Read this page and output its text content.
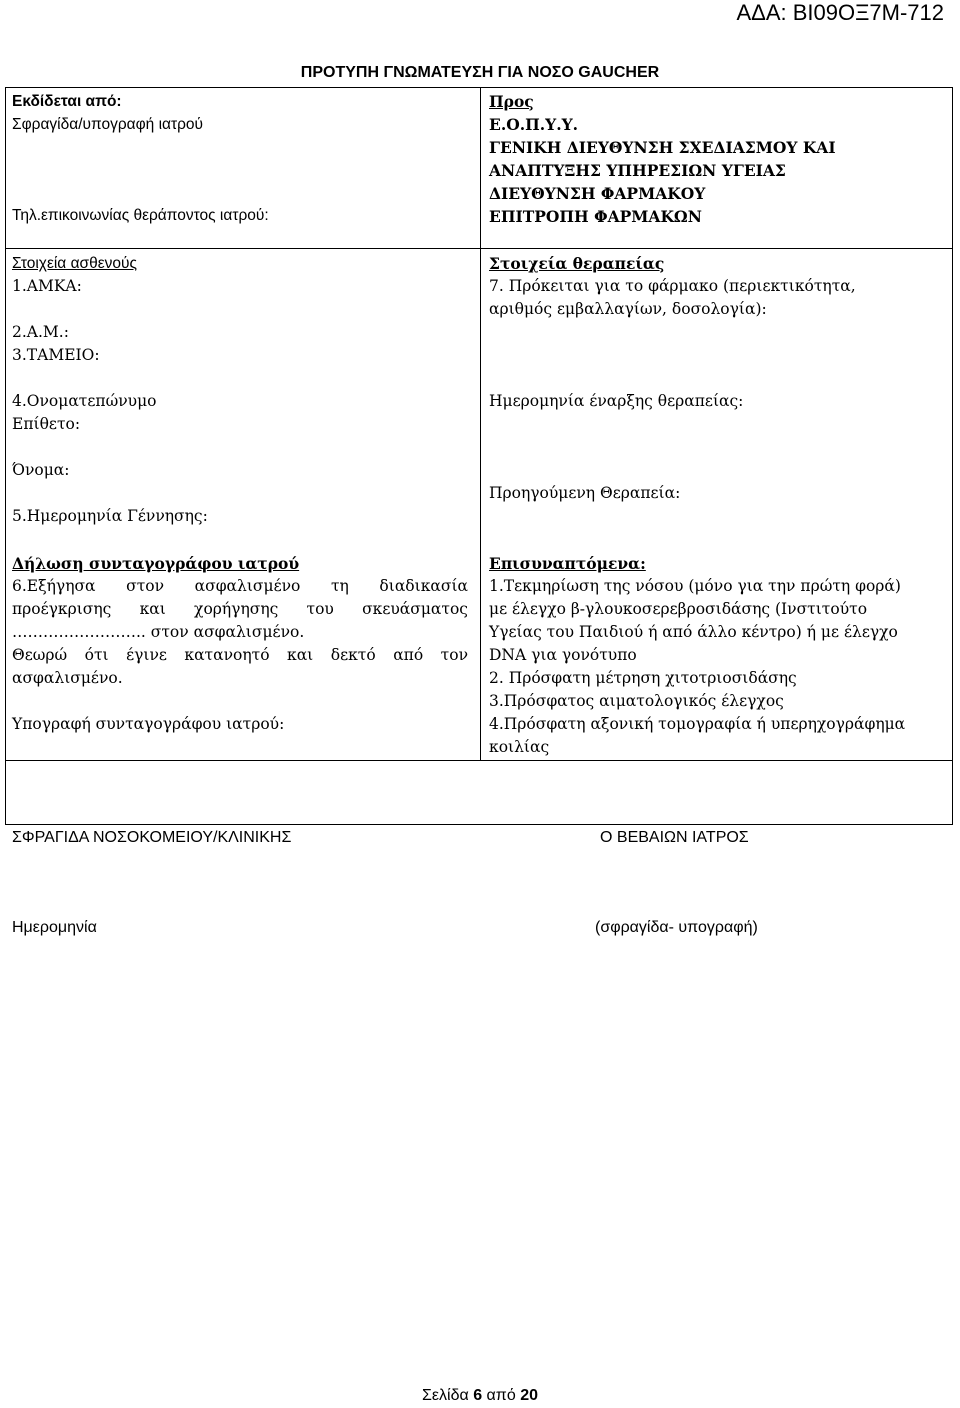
ΑΔΑ: ΒΙ09ΟΞ7Μ-712
ΠΡΟΤΥΠΗ ΓΝΩΜΑΤΕΥΣΗ ΓΙΑ ΝΟΣΟ GAUCHER
Εκδίδεται από:
Σφραγίδα/υπογραφή ιατρού
Τηλ.επικοινωνίας θεράποντος ιατρού:
Στοιχεία ασθενούς
1.ΑΜΚΑ:
2.Α.Μ.:
3.ΤΑΜΕΙΟ:
4.Ονοματεπώνυμο
Επίθετο:
Όνομα:
5.Ημερομηνία Γέννησης:
Δήλωση συνταγογράφου ιατρού
6.Εξήγησα στον ασφαλισμένο τη διαδικασία
προέγκρισης και χορήγησης του σκευάσματος
…………………….. στον ασφαλισμένο.
Θεωρώ ότι έγινε κατανοητό και δεκτό από τον
ασφαλισμένο.
Υπογραφή συνταγογράφου ιατρού:
Προς
Ε.Ο.Π.Υ.Υ.
ΓΕΝΙΚΗ ΔΙΕΥΘΥΝΣΗ ΣΧΕΔΙΑΣΜΟΥ ΚΑΙ
ΑΝΑΠΤΥΞΗΣ ΥΠΗΡΕΣΙΩΝ ΥΓΕΙΑΣ
ΔΙΕΥΘΥΝΣΗ ΦΑΡΜΑΚΟΥ
ΕΠΙΤΡΟΠΗ ΦΑΡΜΑΚΩΝ
Στοιχεία θεραπείας
7. Πρόκειται για το φάρμακο (περιεκτικότητα,
αριθμός εμβαλλαγίων, δοσολογία):
Ημερομηνία έναρξης θεραπείας:
Προηγούμενη Θεραπεία:
Επισυναπτόμενα:
1.Τεκμηρίωση της νόσου (μόνο για την πρώτη φορά)
με έλεγχο β-γλουκοσερεβροσιδάσης (Ινστιτούτο
Υγείας του Παιδιού ή από άλλο κέντρο) ή με έλεγχο
DNA για γονότυπο
2. Πρόσφατη μέτρηση χιτοτριοσιδάσης
3.Πρόσφατος αιματολογικός έλεγχος
4.Πρόσφατη αξονική τομογραφία ή υπερηχογράφημα
κοιλίας
ΣΦΡΑΓΙΔΑ ΝΟΣΟΚΟΜΕΙΟΥ/ΚΛΙΝΙΚΗΣ	Ο ΒΕΒΑΙΩΝ ΙΑΤΡΟΣ
Ημερομηνία	(σφραγίδα- υπογραφή)
Σελίδα 6 από 20
